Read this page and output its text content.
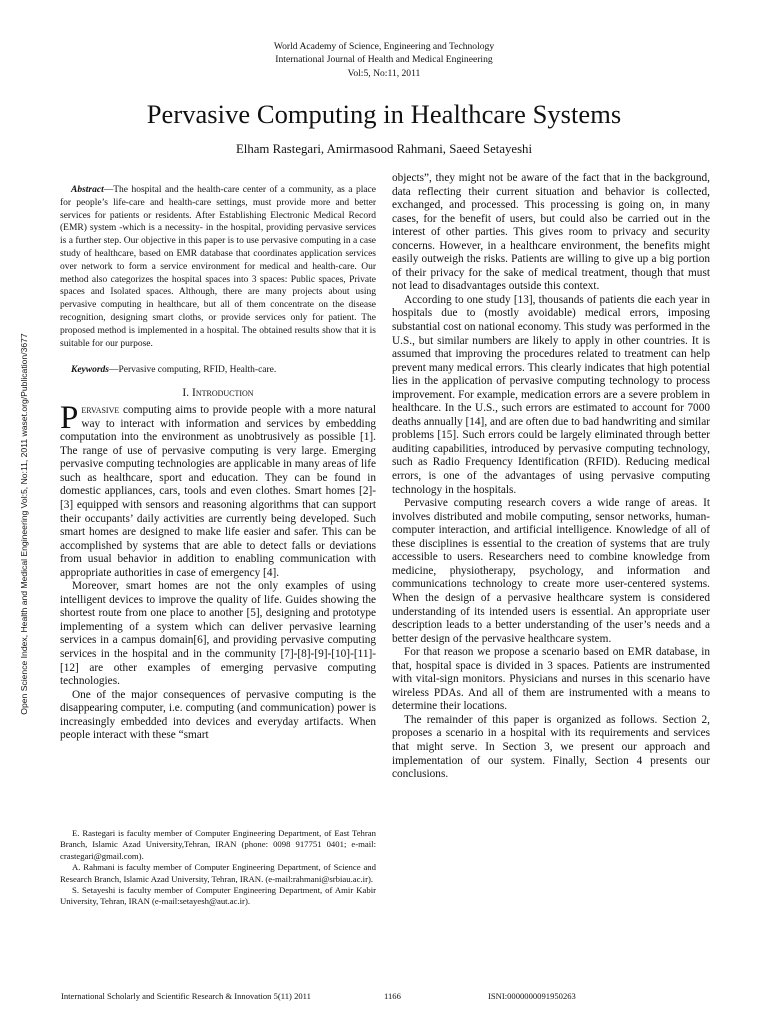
World Academy of Science, Engineering and Technology
International Journal of Health and Medical Engineering
Vol:5, No:11, 2011
Pervasive Computing in Healthcare Systems
Elham Rastegari, Amirmasood Rahmani, Saeed Setayeshi
Open Science Index, Health and Medical Engineering Vol:5, No:11, 2011 waset.org/Publication/3677

Abstract—The hospital and the health-care center of a community, as a place for people’s life-care and health-care settings, must provide more and better services for patients or residents. After Establishing Electronic Medical Record (EMR) system -which is a necessity- in the hospital, providing pervasive services is a further step. Our objective in this paper is to use pervasive computing in a case study of healthcare, based on EMR database that coordinates application services over network to form a service environment for medical and health-care. Our method also categorizes the hospital spaces into 3 spaces: Public spaces, Private spaces and Isolated spaces. Although, there are many projects about using pervasive computing in healthcare, but all of them concentrate on the disease recognition, designing smart cloths, or provide services only for patient. The proposed method is implemented in a hospital. The obtained results show that it is suitable for our purpose.

Keywords—Pervasive computing, RFID, Health-care.

I. Introduction

Pervasive computing aims to provide people with a more natural way to interact with information and services by embedding computation into the environment as unobtrusively as possible [1]. The range of use of pervasive computing is very large. Emerging pervasive computing technologies are applicable in many areas of life such as healthcare, sport and education. They can be found in domestic appliances, cars, tools and even clothes. Smart homes [2]-[3] equipped with sensors and reasoning algorithms that can support their occupants’ daily activities are currently being developed. Such smart homes are designed to make life easier and safer. This can be accomplished by systems that are able to detect falls or deviations from usual behavior in addition to enabling communication with appropriate authorities in case of emergency [4].

Moreover, smart homes are not the only examples of using intelligent devices to improve the quality of life. Guides showing the shortest route from one place to another [5], designing and prototype implementing of a system which can deliver pervasive learning services in a campus domain[6], and providing pervasive computing services in the hospital and in the community [7]-[8]-[9]-[10]-[11]-[12] are other examples of emerging pervasive computing technologies.

One of the major consequences of pervasive computing is the disappearing computer, i.e. computing (and communication) power is increasingly embedded into devices and everyday artifacts. When people interact with these “smart

objects”, they might not be aware of the fact that in the background, data reflecting their current situation and behavior is collected, exchanged, and processed. This processing is going on, in many cases, for the benefit of users, but could also be carried out in the interest of other parties. This gives room to privacy and security concerns. However, in a healthcare environment, the benefits might easily outweigh the risks. Patients are willing to give up a big portion of their privacy for the sake of medical treatment, though that must not lead to disadvantages outside this context.

According to one study [13], thousands of patients die each year in hospitals due to (mostly avoidable) medical errors, imposing substantial cost on national economy. This study was performed in the U.S., but similar numbers are likely to apply in other countries. It is assumed that improving the procedures related to treatment can help prevent many medical errors. This clearly indicates that high potential lies in the application of pervasive computing technology to process improvement. For example, medication errors are a severe problem in healthcare. In the U.S., such errors are estimated to account for 7000 deaths annually [14], and are often due to bad handwriting and similar problems [15]. Such errors could be largely eliminated through better auditing capabilities, introduced by pervasive computing technology, such as Radio Frequency Identification (RFID). Reducing medical errors, is one of the advantages of using pervasive computing technology in the hospitals.

Pervasive computing research covers a wide range of areas. It involves distributed and mobile computing, sensor networks, human-computer interaction, and artificial intelligence. Knowledge of all of these disciplines is essential to the creation of systems that are truly accessible to users. Researchers need to combine knowledge from medicine, physiotherapy, psychology, and information and communications technology to create more user-centered systems. When the design of a pervasive healthcare system is considered understanding of its intended users is essential. An appropriate user description leads to a better understanding of the user’s needs and a better design of the pervasive healthcare system.

For that reason we propose a scenario based on EMR database, in that, hospital space is divided in 3 spaces. Patients are instrumented with vital-sign monitors. Physicians and nurses in this scenario have wireless PDAs. And all of them are instrumented with a means to determine their locations.

The remainder of this paper is organized as follows. Section 2, proposes a scenario in a hospital with its requirements and services that might serve. In Section 3, we present our approach and implementation of our system. Finally, Section 4 presents our conclusions.

E. Rastegari is faculty member of Computer Engineering Department, of East Tehran Branch, Islamic Azad University,Tehran, IRAN (phone: 0098 917751 0401; e-mail: crastegari@gmail.com).

A. Rahmani is faculty member of Computer Engineering Department, of Science and Research Branch, Islamic Azad University, Tehran, IRAN. (e-mail:rahmani@srbiau.ac.ir).

S. Setayeshi is faculty member of Computer Engineering Department, of Amir Kabir University, Tehran, IRAN (e-mail:setayesh@aut.ac.ir).

International Scholarly and Scientific Research & Innovation 5(11) 2011	1166	ISNI:0000000091950263
